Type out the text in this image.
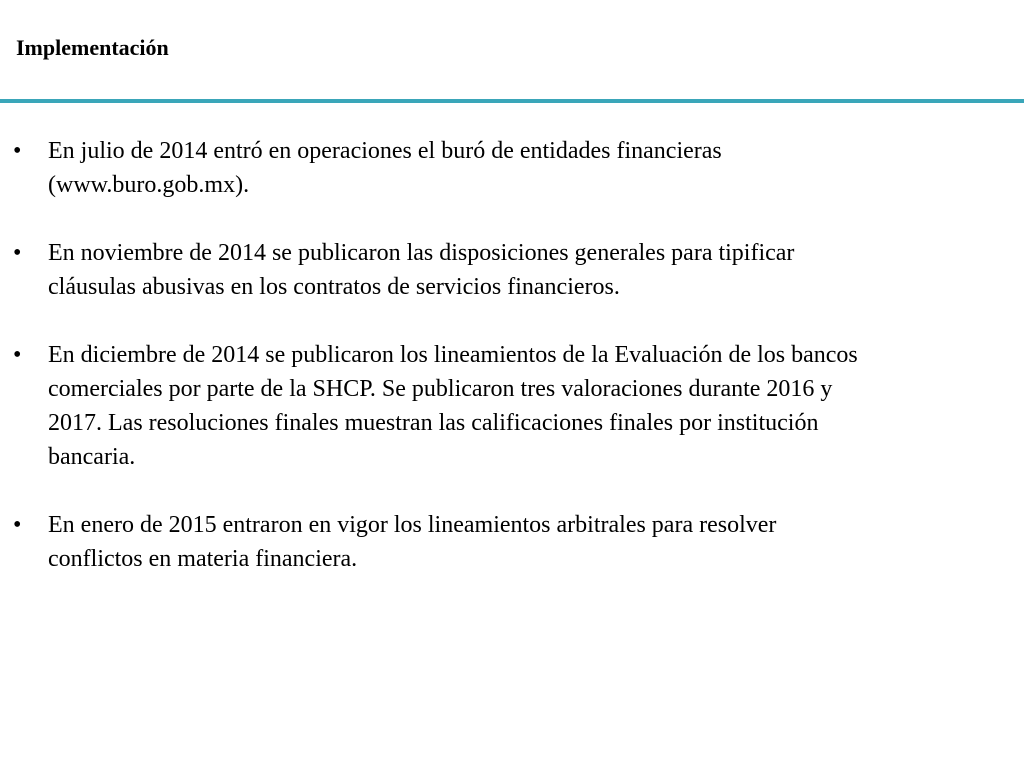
Implementación
• En julio de 2014 entró en operaciones el buró de entidades financieras
(www.buro.gob.mx).
• En noviembre de 2014 se publicaron las disposiciones generales para tipificar
cláusulas abusivas en los contratos de servicios financieros.
• En diciembre de 2014 se publicaron los lineamientos de la Evaluación de los bancos
comerciales por parte de la SHCP. Se publicaron tres valoraciones durante 2016 y
2017. Las resoluciones finales muestran las calificaciones finales por institución
bancaria.
• En enero de 2015 entraron en vigor los lineamientos arbitrales para resolver
conflictos en materia financiera.
